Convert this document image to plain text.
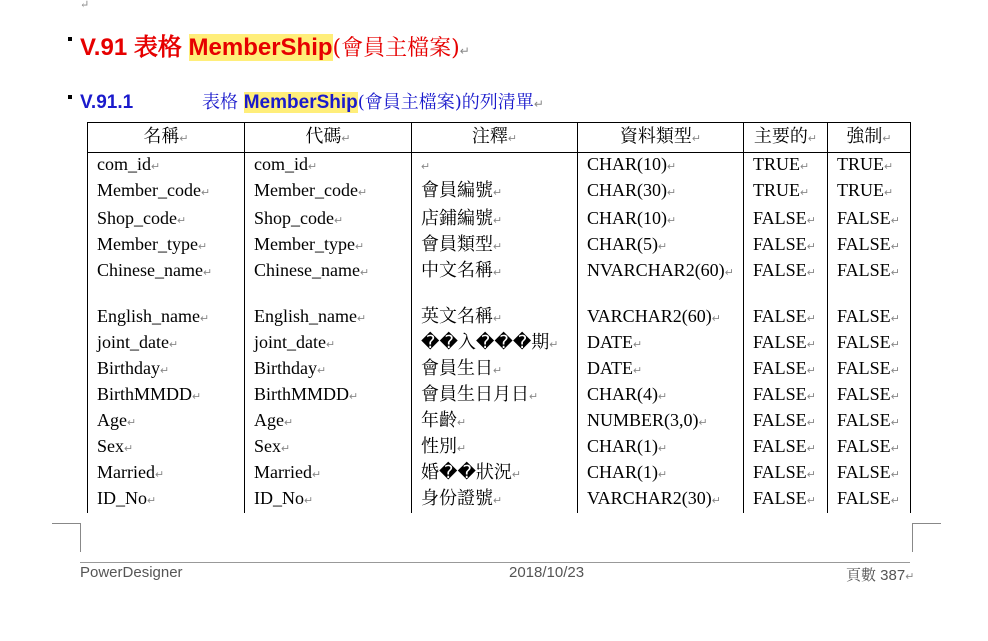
↵
V.91 表格 MemberShip(會員主檔案)↵
V.91.1	表格 MemberShip(會員主檔案)的列清單↵
名稱↵	代碼↵	注釋↵	資料類型↵	主要的↵	強制↵
com_id↵	com_id↵	↵	CHAR(10)↵	TRUE↵	TRUE↵
Member_code↵	Member_code↵	會員編號↵	CHAR(30)↵	TRUE↵	TRUE↵
Shop_code↵	Shop_code↵	店鋪編號↵	CHAR(10)↵	FALSE↵	FALSE↵
Member_type↵	Member_type↵	會員類型↵	CHAR(5)↵	FALSE↵	FALSE↵
Chinese_name↵	Chinese_name↵	中文名稱↵	NVARCHAR2(60)↵	FALSE↵	FALSE↵
English_name↵	English_name↵	英文名稱↵	VARCHAR2(60)↵	FALSE↵	FALSE↵
joint_date↵	joint_date↵	��入���期↵	DATE↵	FALSE↵	FALSE↵
Birthday↵	Birthday↵	會員生日↵	DATE↵	FALSE↵	FALSE↵
BirthMMDD↵	BirthMMDD↵	會員生日月日↵	CHAR(4)↵	FALSE↵	FALSE↵
Age↵	Age↵	年齡↵	NUMBER(3,0)↵	FALSE↵	FALSE↵
Sex↵	Sex↵	性別↵	CHAR(1)↵	FALSE↵	FALSE↵
Married↵	Married↵	婚��狀況↵	CHAR(1)↵	FALSE↵	FALSE↵
ID_No↵	ID_No↵	身份證號↵	VARCHAR2(30)↵	FALSE↵	FALSE↵
PowerDesigner	2018/10/23	頁數 387↵
